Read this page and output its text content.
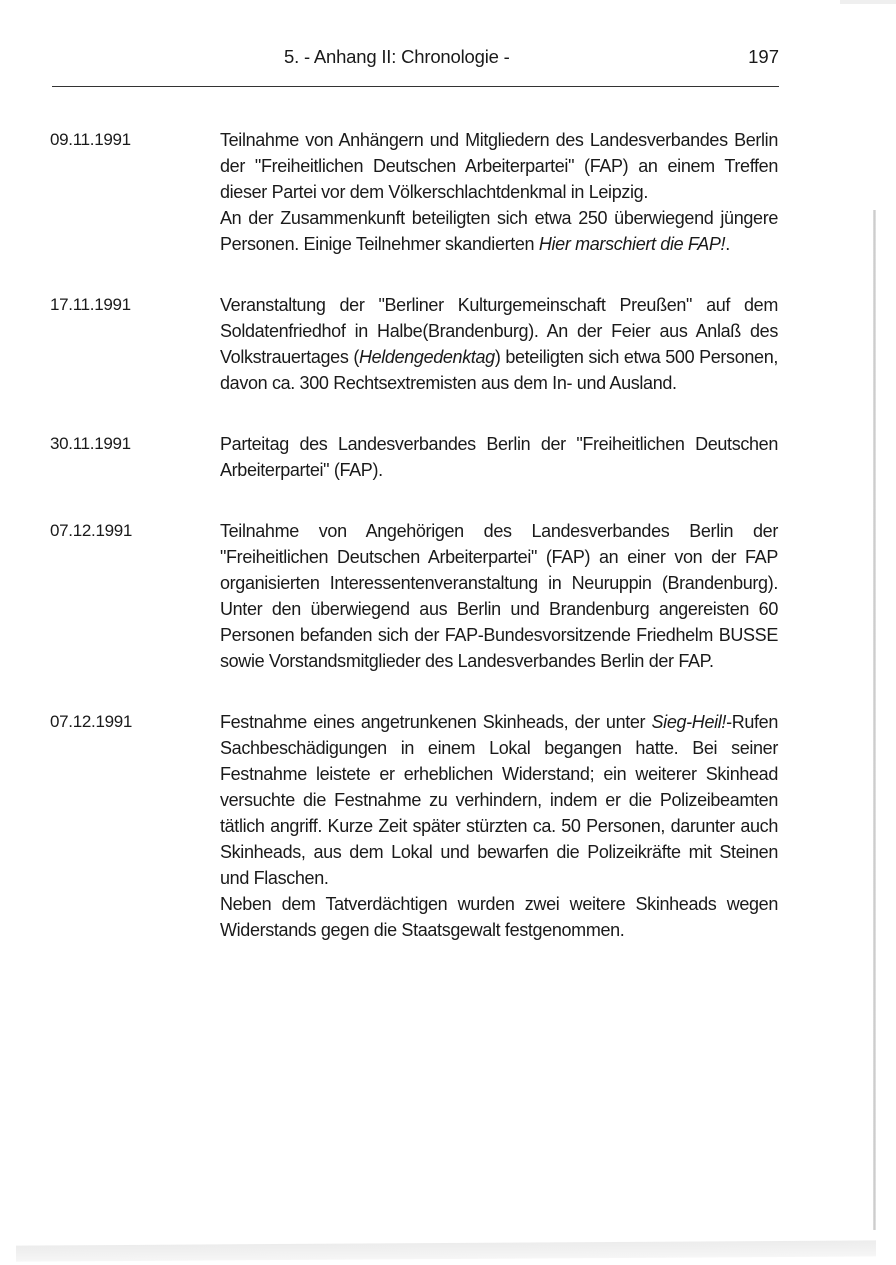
5. - Anhang II: Chronologie -	197
09.11.1991	Teilnahme von Anhängern und Mitgliedern des Landesverbandes Berlin der "Freiheitlichen Deutschen Arbeiterpartei" (FAP) an einem Treffen dieser Partei vor dem Völkerschlachtdenkmal in Leipzig.

An der Zusammenkunft beteiligten sich etwa 250 überwiegend jüngere Personen. Einige Teilnehmer skandierten Hier marschiert die FAP!.

17.11.1991	Veranstaltung der "Berliner Kulturgemeinschaft Preußen" auf dem Soldatenfriedhof in Halbe(Brandenburg). An der Feier aus Anlaß des Volkstrauertages (Heldengedenktag) beteiligten sich etwa 500 Personen, davon ca. 300 Rechtsextremisten aus dem In- und Ausland.

30.11.1991	Parteitag des Landesverbandes Berlin der "Freiheitlichen Deutschen Arbeiterpartei" (FAP).

07.12.1991	Teilnahme von Angehörigen des Landesverbandes Berlin der "Freiheitlichen Deutschen Arbeiterpartei" (FAP) an einer von der FAP organisierten Interessentenveranstaltung in Neuruppin (Brandenburg). Unter den überwiegend aus Berlin und Brandenburg angereisten 60 Personen befanden sich der FAP-Bundesvorsitzende Friedhelm BUSSE sowie Vorstandsmitglieder des Landesverbandes Berlin der FAP.

07.12.1991	Festnahme eines angetrunkenen Skinheads, der unter Sieg-Heil!-Rufen Sachbeschädigungen in einem Lokal begangen hatte. Bei seiner Festnahme leistete er erheblichen Widerstand; ein weiterer Skinhead versuchte die Festnahme zu verhindern, indem er die Polizeibeamten tätlich angriff. Kurze Zeit später stürzten ca. 50 Personen, darunter auch Skinheads, aus dem Lokal und bewarfen die Polizeikräfte mit Steinen und Flaschen.

Neben dem Tatverdächtigen wurden zwei weitere Skinheads wegen Widerstands gegen die Staatsgewalt festgenommen.
